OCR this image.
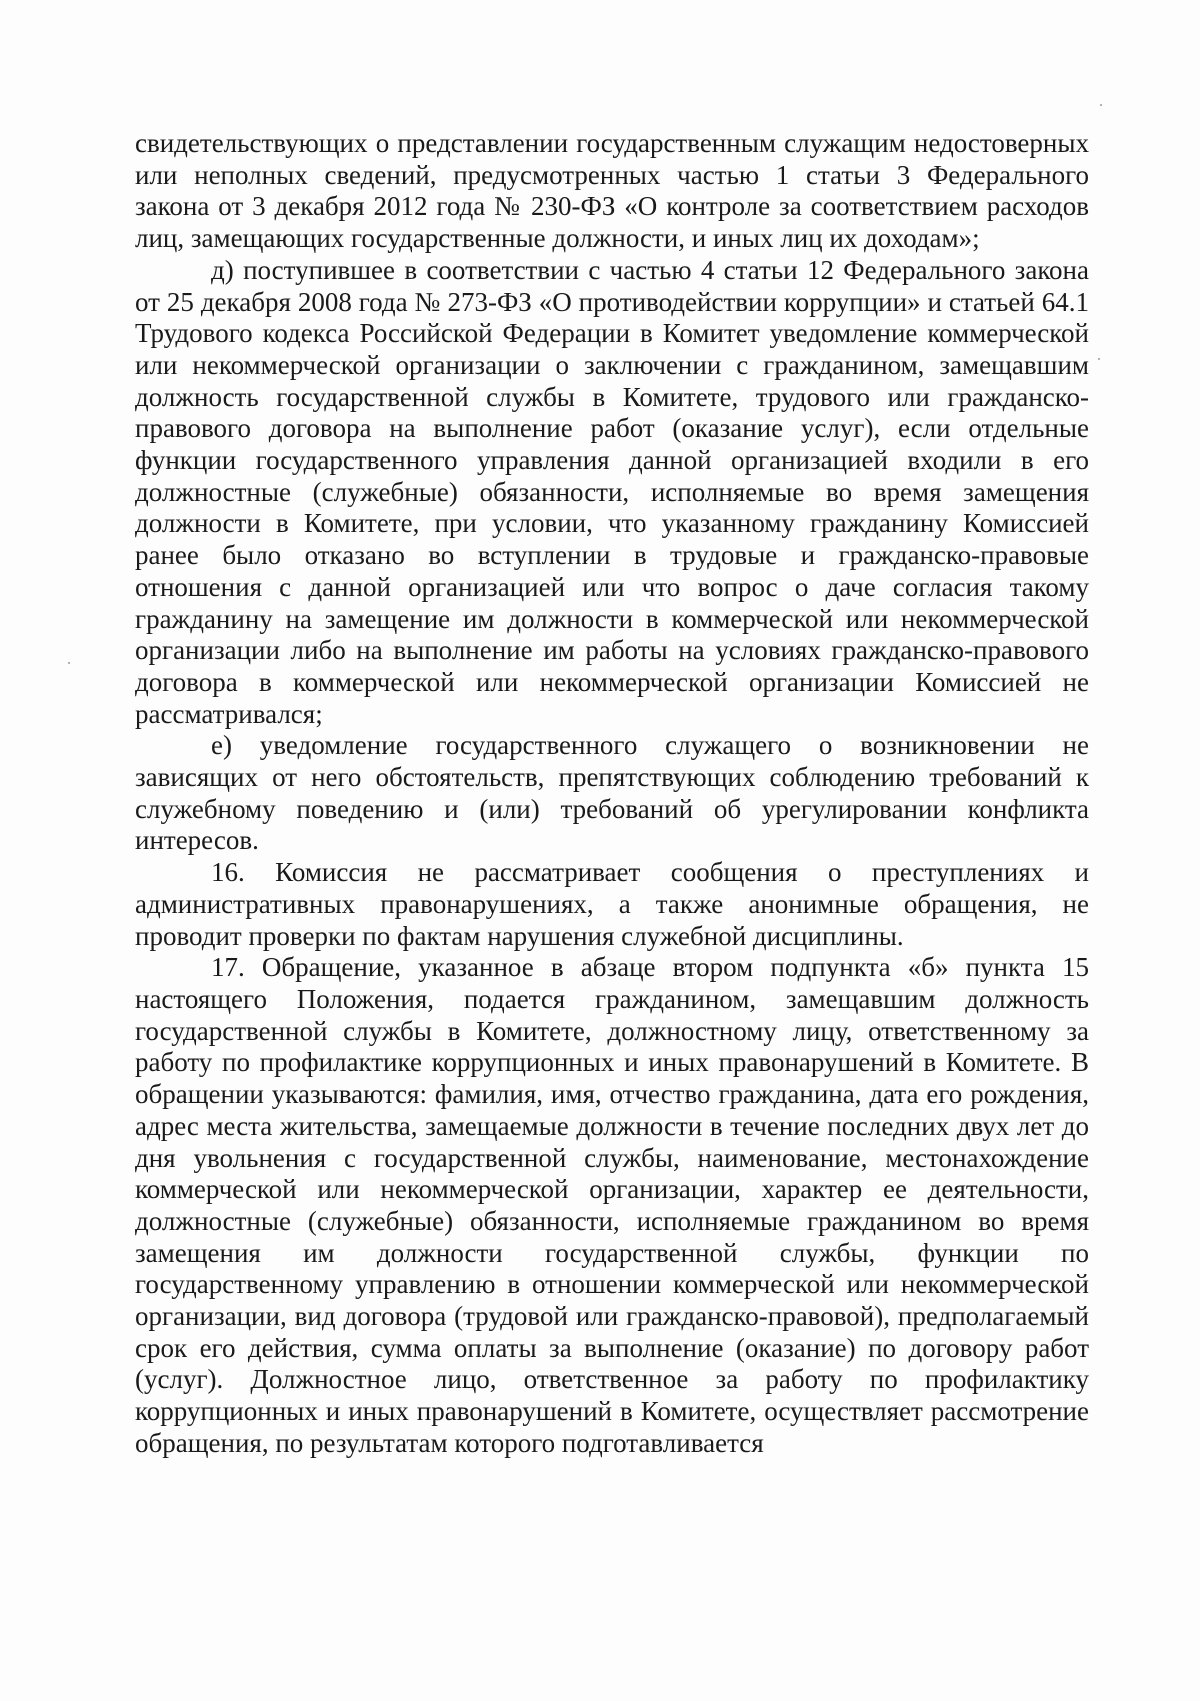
свидетельствующих о представлении государственным служащим недостоверных или неполных сведений, предусмотренных частью 1 статьи 3 Федерального закона от 3 декабря 2012 года № 230-ФЗ «О контроле за соответствием расходов лиц, замещающих государственные должности, и иных лиц их доходам»;

д) поступившее в соответствии с частью 4 статьи 12 Федерального закона от 25 декабря 2008 года № 273-ФЗ «О противодействии коррупции» и статьей 64.1 Трудового кодекса Российской Федерации в Комитет уведомление коммерческой или некоммерческой организации о заключении с гражданином, замещавшим должность государственной службы в Комитете, трудового или гражданско-правового договора на выполнение работ (оказание услуг), если отдельные функции государственного управления данной организацией входили в его должностные (служебные) обязанности, исполняемые во время замещения должности в Комитете, при условии, что указанному гражданину Комиссией ранее было отказано во вступлении в трудовые и гражданско-правовые отношения с данной организацией или что вопрос о даче согласия такому гражданину на замещение им должности в коммерческой или некоммерческой организации либо на выполнение им работы на условиях гражданско-правового договора в коммерческой или некоммерческой организации Комиссией не рассматривался;

е) уведомление государственного служащего о возникновении не зависящих от него обстоятельств, препятствующих соблюдению требований к служебному поведению и (или) требований об урегулировании конфликта интересов.

16. Комиссия не рассматривает сообщения о преступлениях и административных правонарушениях, а также анонимные обращения, не проводит проверки по фактам нарушения служебной дисциплины.

17. Обращение, указанное в абзаце втором подпункта «б» пункта 15 настоящего Положения, подается гражданином, замещавшим должность государственной службы в Комитете, должностному лицу, ответственному за работу по профилактике коррупционных и иных правонарушений в Комитете. В обращении указываются: фамилия, имя, отчество гражданина, дата его рождения, адрес места жительства, замещаемые должности в течение последних двух лет до дня увольнения с государственной службы, наименование, местонахождение коммерческой или некоммерческой организации, характер ее деятельности, должностные (служебные) обязанности, исполняемые гражданином во время замещения им должности государственной службы, функции по государственному управлению в отношении коммерческой или некоммерческой организации, вид договора (трудовой или гражданско-правовой), предполагаемый срок его действия, сумма оплаты за выполнение (оказание) по договору работ (услуг). Должностное лицо, ответственное за работу по профилактику коррупционных и иных правонарушений в Комитете, осуществляет рассмотрение обращения, по результатам которого подготавливается
